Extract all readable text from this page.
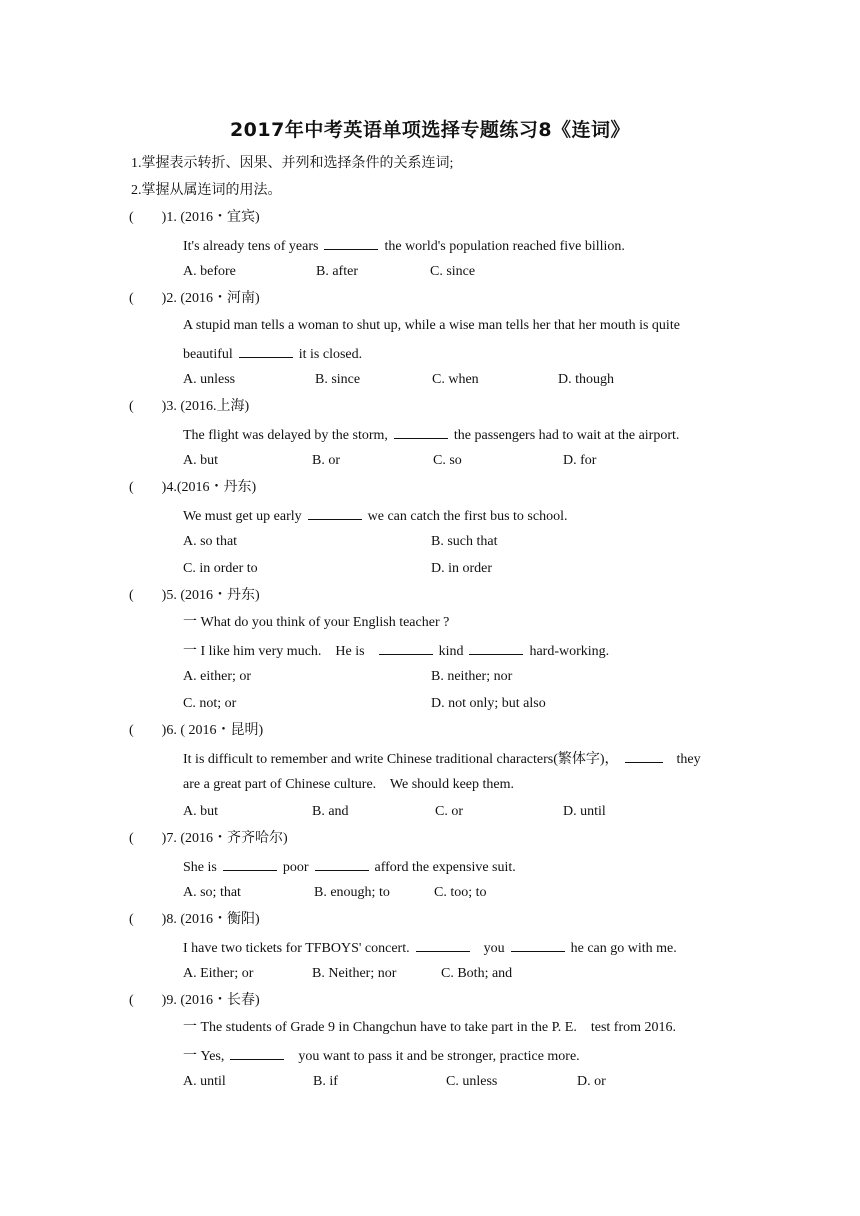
2017年中考英语单项选择专题练习8《连词》
1.掌握表示转折、因果、并列和选择条件的关系连词;
2.掌握从属连词的用法。
( )1. (2016・宜宾)
It's already tens of years	the world's population reached five billion.
A. before	B. after	C. since
( )2. (2016・河南)
A stupid man tells a woman to shut up, while a wise man tells her that her mouth is quite
beautiful	it is closed.
A. unless	B. since	C. when	D. though
( )3. (2016.上海)
The flight was delayed by the storm,	the passengers had to wait at the airport.
A. but	B. or	C. so	D. for
( )4.(2016・丹东)
We must get up early	we can catch the first bus to school.
A. so that	B. such that
C. in order to	D. in order
( )5. (2016・丹东)
一 What do you think of your English teacher ?
一 I like him very much.    He is	kind	hard-working.
A. either; or	B. neither; nor
C. not; or	D. not only; but also
( )6. ( 2016・昆明)
It is difficult to remember and write Chinese traditional characters(繁体字)，	they
are a great part of Chinese culture.    We should keep them.
A. but	B. and	C. or	D. until
( )7. (2016・齐齐哈尔)
She is	poor	afford the expensive suit.
A. so; that	B. enough; to	C. too; to
( )8. (2016・衡阳)
I have two tickets for TFBOYS' concert.	you	he can go with me.
A. Either; or	B. Neither; nor	C. Both; and
( )9. (2016・长春)
一 The students of Grade 9 in Changchun have to take part in the P. E.    test from 2016.
一 Yes,	you want to pass it and be stronger, practice more.
A. until	B. if	C. unless	D. or
